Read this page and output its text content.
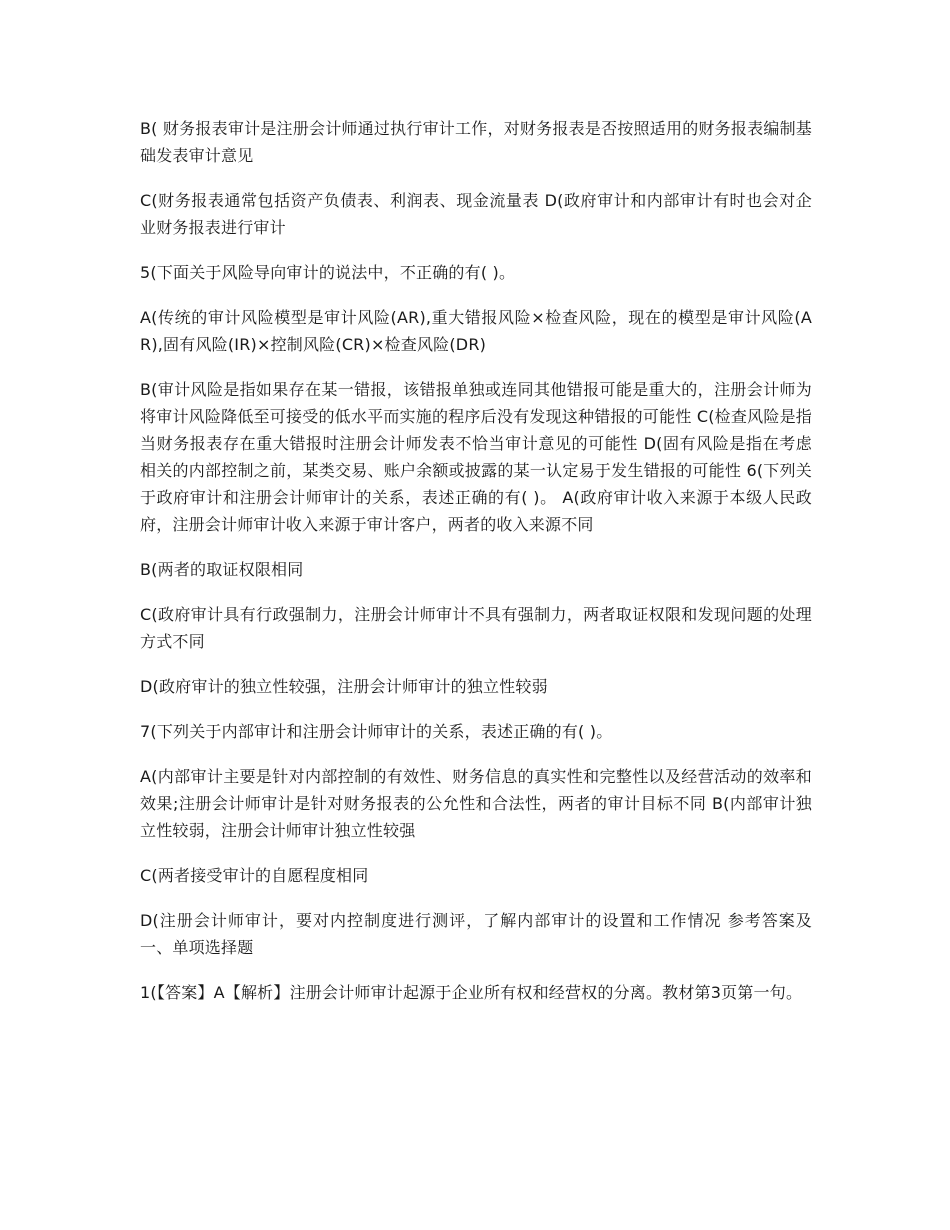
B( 财务报表审计是注册会计师通过执行审计工作，对财务报表是否按照适用的财务报表编制基础发表审计意见

C(财务报表通常包括资产负债表、利润表、现金流量表 D(政府审计和内部审计有时也会对企业财务报表进行审计

5(下面关于风险导向审计的说法中，不正确的有( )。

A(传统的审计风险模型是审计风险(AR),重大错报风险×检查风险，现在的模型是审计风险(AR),固有风险(IR)×控制风险(CR)×检查风险(DR)

B(审计风险是指如果存在某一错报，该错报单独或连同其他错报可能是重大的，注册会计师为将审计风险降低至可接受的低水平而实施的程序后没有发现这种错报的可能性 C(检查风险是指当财务报表存在重大错报时注册会计师发表不恰当审计意见的可能性 D(固有风险是指在考虑相关的内部控制之前，某类交易、账户余额或披露的某一认定易于发生错报的可能性 6(下列关于政府审计和注册会计师审计的关系，表述正确的有( )。 A(政府审计收入来源于本级人民政府，注册会计师审计收入来源于审计客户，两者的收入来源不同

B(两者的取证权限相同

C(政府审计具有行政强制力，注册会计师审计不具有强制力，两者取证权限和发现问题的处理方式不同

D(政府审计的独立性较强，注册会计师审计的独立性较弱

7(下列关于内部审计和注册会计师审计的关系，表述正确的有( )。

A(内部审计主要是针对内部控制的有效性、财务信息的真实性和完整性以及经营活动的效率和效果;注册会计师审计是针对财务报表的公允性和合法性，两者的审计目标不同 B(内部审计独立性较弱，注册会计师审计独立性较强

C(两者接受审计的自愿程度相同

D(注册会计师审计，要对内控制度进行测评，了解内部审计的设置和工作情况 参考答案及一、单项选择题

1(【答案】A【解析】注册会计师审计起源于企业所有权和经营权的分离。教材第3页第一句。
